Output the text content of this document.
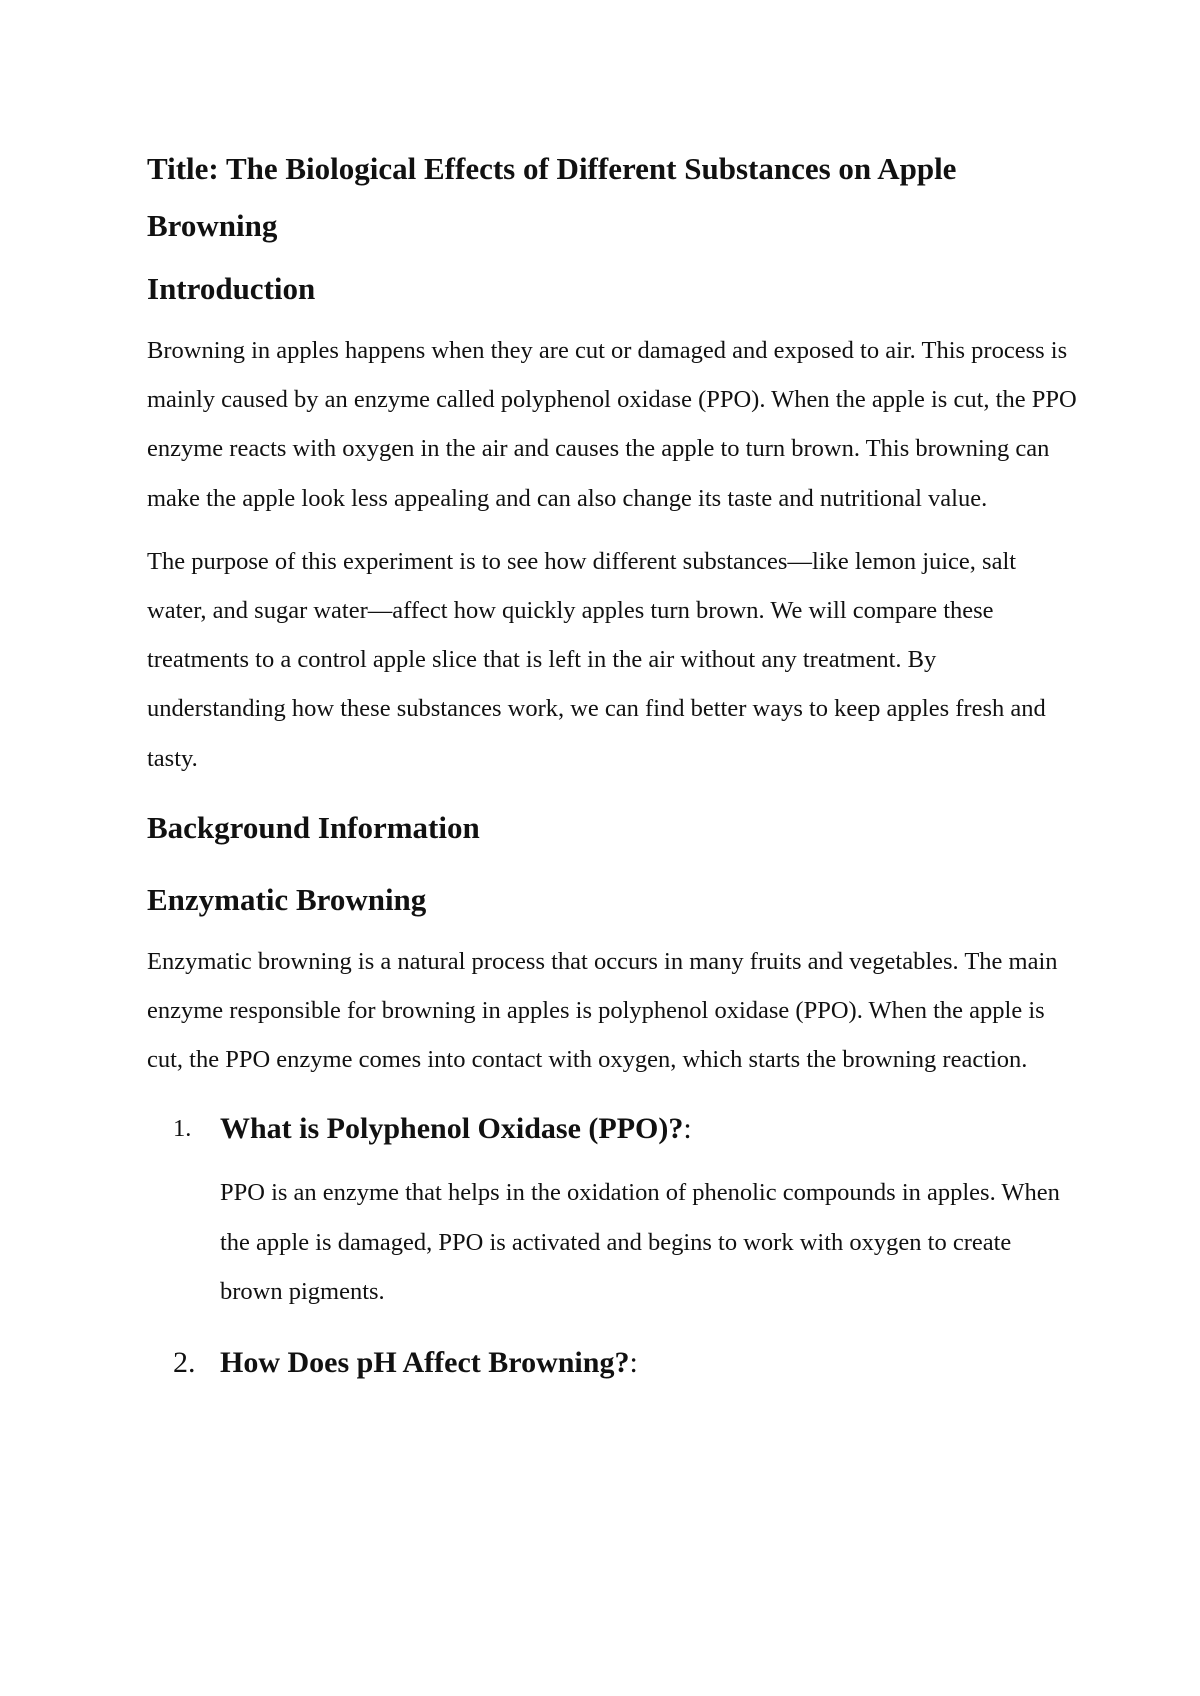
Title: The Biological Effects of Different Substances on Apple Browning
Introduction

Browning in apples happens when they are cut or damaged and exposed to air. This process is mainly caused by an enzyme called polyphenol oxidase (PPO). When the apple is cut, the PPO enzyme reacts with oxygen in the air and causes the apple to turn brown. This browning can make the apple look less appealing and can also change its taste and nutritional value.

The purpose of this experiment is to see how different substances—like lemon juice, salt water, and sugar water—affect how quickly apples turn brown. We will compare these treatments to a control apple slice that is left in the air without any treatment. By understanding how these substances work, we can find better ways to keep apples fresh and tasty.

Background Information
Enzymatic Browning

Enzymatic browning is a natural process that occurs in many fruits and vegetables. The main enzyme responsible for browning in apples is polyphenol oxidase (PPO). When the apple is cut, the PPO enzyme comes into contact with oxygen, which starts the browning reaction.

1. What is Polyphenol Oxidase (PPO)?:

PPO is an enzyme that helps in the oxidation of phenolic compounds in apples. When the apple is damaged, PPO is activated and begins to work with oxygen to create brown pigments.

2. How Does pH Affect Browning?:
